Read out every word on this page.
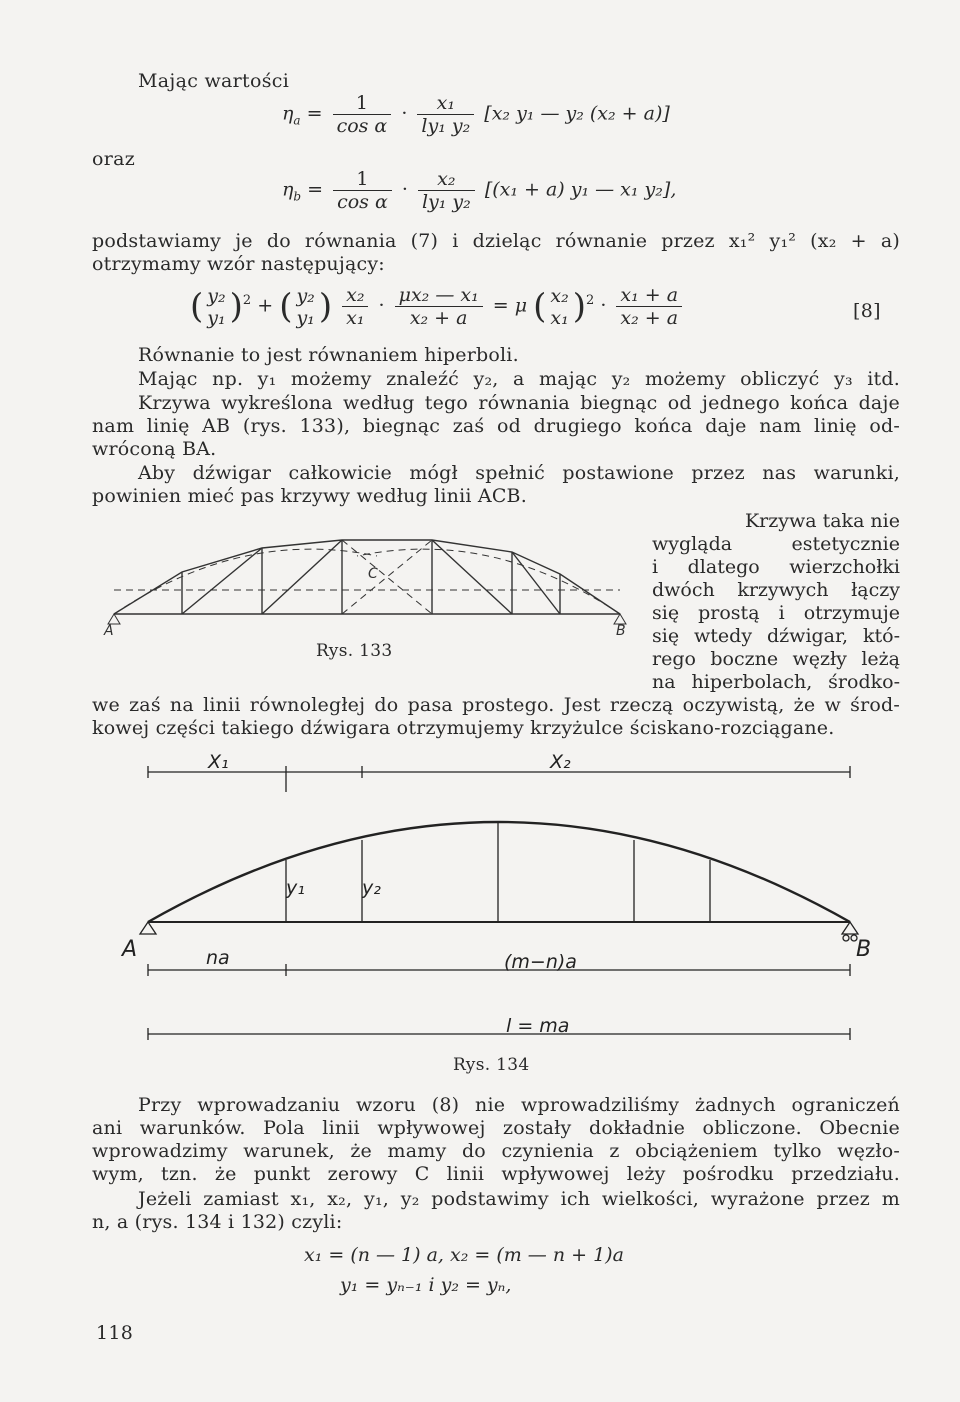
Mając wartości
oraz
$\eta_a = \frac{1}{\text{cos α}} \cdot \frac{\text{x₁}}{\text{ly₁ y₂}} [x_2$ y₁ — y₂ (x₂ + a)]
$\eta_b = \frac{1}{\text{cos α}} \cdot \frac{\text{x₂}}{\text{ly₁ y₂}} [(x_1 + a)$ y₁ — x₁ y₂],
podstawiamy je do równania (7) i dzieląc równanie przez x₁² y₁² (x₂ + a)
otrzymamy wzór następujący:
( y₂
y₁ )$^2$ + ( y₂
y₁ ) $\frac{\text{x₂}}{\text{x₁}} \cdot \frac{\text{μx₂ — x₁}}{\text{x₂ + a}} = \mu$ ( x₂
x₁ )$^2 \cdot \frac{\text{x₁ + a}}{\text{x₂ + a}}$	[8]
Równanie to jest równaniem hiperboli.
Mając np. y₁ możemy znaleźć y₂, a mając y₂ możemy obliczyć y₃ itd.
Krzywa wykreślona według tego równania biegnąc od jednego końca daje
nam linię AB (rys. 133), biegnąc zaś od drugiego końca daje nam linię od-
wróconą BA.
Aby dźwigar całkowicie mógł spełnić postawione przez nas warunki,
powinien mieć pas krzywy według linii ACB.
Krzywa taka nie
wygląda estetycznie
i dlatego wierzchołki
dwóch krzywych łączy
się prostą i otrzymuje
się wtedy dźwigar, któ-
rego boczne węzły leżą
na hiperbolach, środko-
A	B
C
Rys. 133
we zaś na linii równoległej do pasa prostego. Jest rzeczą oczywistą, że w środ-
kowej części takiego dźwigara otrzymujemy krzyżulce ściskano-rozciągane.
X₁	X₂
y₁	y₂
A	B
na	(m−n)a
l = ma
Rys. 134
Przy wprowadzaniu wzoru (8) nie wprowadziliśmy żadnych ograniczeń
ani warunków. Pola linii wpływowej zostały dokładnie obliczone. Obecnie
wprowadzimy warunek, że mamy do czynienia z obciążeniem tylko węzło-
wym, tzn. że punkt zerowy C linii wpływowej leży pośrodku przedziału.
Jeżeli zamiast x₁, x₂, y₁, y₂ podstawimy ich wielkości, wyrażone przez m
n, a (rys. 134 i 132) czyli:
x₁ = (n — 1) a, x₂ = (m — n + 1)a
y₁ = yₙ₋₁ i y₂ = yₙ,
118
